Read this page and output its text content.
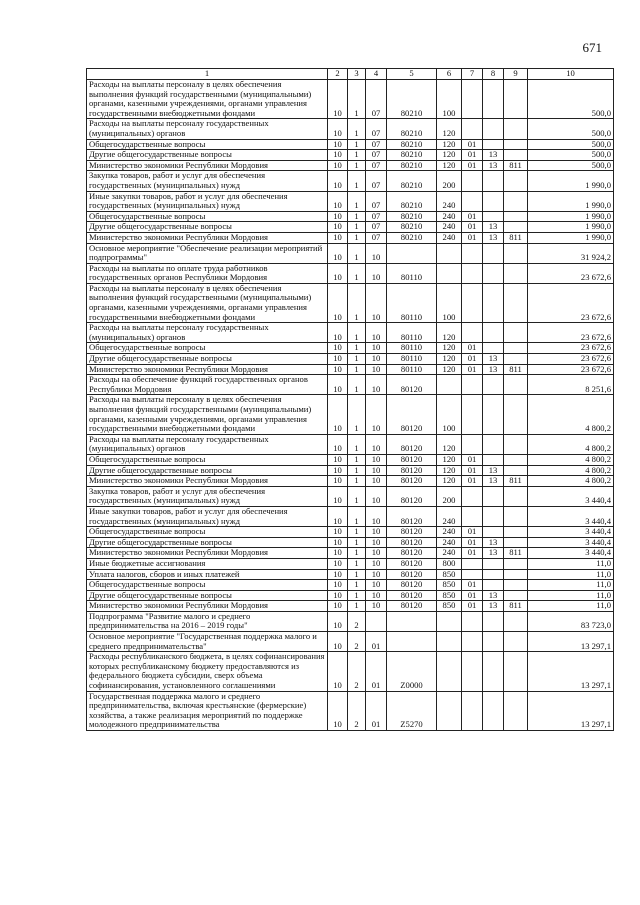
671
1	2	3	4	5	6	7	8	9	10
Расходы на выплаты персоналу в целях обеспечения выполнения функций государственными (муниципальными) органами, казенными учреждениями, органами управления государственными внебюджетными фондами	10	1	07	80210	100				500,0
Расходы на выплаты персоналу государственных (муниципальных) органов	10	1	07	80210	120				500,0
Общегосударственные вопросы	10	1	07	80210	120	01			500,0
Другие общегосударственные вопросы	10	1	07	80210	120	01	13		500,0
Министерство экономики Республики Мордовия	10	1	07	80210	120	01	13	811	500,0
Закупка товаров, работ и услуг для обеспечения государственных (муниципальных) нужд	10	1	07	80210	200				1 990,0
Иные закупки товаров, работ и услуг для обеспечения государственных (муниципальных) нужд	10	1	07	80210	240				1 990,0
Общегосударственные вопросы	10	1	07	80210	240	01			1 990,0
Другие общегосударственные вопросы	10	1	07	80210	240	01	13		1 990,0
Министерство экономики Республики Мордовия	10	1	07	80210	240	01	13	811	1 990,0
Основное мероприятие "Обеспечение реализации мероприятий подпрограммы"	10	1	10						31 924,2
Расходы на выплаты по оплате труда работников государственных органов Республики Мордовия	10	1	10	80110					23 672,6
Расходы на выплаты персоналу в целях обеспечения выполнения функций государственными (муниципальными) органами, казенными учреждениями, органами управления государственными внебюджетными фондами	10	1	10	80110	100				23 672,6
Расходы на выплаты персоналу государственных (муниципальных) органов	10	1	10	80110	120				23 672,6
Общегосударственные вопросы	10	1	10	80110	120	01			23 672,6
Другие общегосударственные вопросы	10	1	10	80110	120	01	13		23 672,6
Министерство экономики Республики Мордовия	10	1	10	80110	120	01	13	811	23 672,6
Расходы на обеспечение функций государственных органов Республики Мордовия	10	1	10	80120					8 251,6
Расходы на выплаты персоналу в целях обеспечения выполнения функций государственными (муниципальными) органами, казенными учреждениями, органами управления государственными внебюджетными фондами	10	1	10	80120	100				4 800,2
Расходы на выплаты персоналу государственных (муниципальных) органов	10	1	10	80120	120				4 800,2
Общегосударственные вопросы	10	1	10	80120	120	01			4 800,2
Другие общегосударственные вопросы	10	1	10	80120	120	01	13		4 800,2
Министерство экономики Республики Мордовия	10	1	10	80120	120	01	13	811	4 800,2
Закупка товаров, работ и услуг для обеспечения государственных (муниципальных) нужд	10	1	10	80120	200				3 440,4
Иные закупки товаров, работ и услуг для обеспечения государственных (муниципальных) нужд	10	1	10	80120	240				3 440,4
Общегосударственные вопросы	10	1	10	80120	240	01			3 440,4
Другие общегосударственные вопросы	10	1	10	80120	240	01	13		3 440,4
Министерство экономики Республики Мордовия	10	1	10	80120	240	01	13	811	3 440,4
Иные бюджетные ассигнования	10	1	10	80120	800				11,0
Уплата налогов, сборов и иных платежей	10	1	10	80120	850				11,0
Общегосударственные вопросы	10	1	10	80120	850	01			11,0
Другие общегосударственные вопросы	10	1	10	80120	850	01	13		11,0
Министерство экономики Республики Мордовия	10	1	10	80120	850	01	13	811	11,0
Подпрограмма "Развитие малого и среднего предпринимательства на 2016 – 2019 годы"	10	2							83 723,0
Основное мероприятие "Государственная поддержка малого и среднего предпринимательства"	10	2	01						13 297,1
Расходы республиканского бюджета, в целях софинансирования которых республиканскому бюджету предоставляются из федерального бюджета субсидии, сверх объема софинансирования, установленного соглашениями	10	2	01	Z0000					13 297,1
Государственная поддержка малого и среднего предпринимательства, включая крестьянские (фермерские) хозяйства, а также реализация мероприятий по поддержке молодежного предпринимательства	10	2	01	Z5270					13 297,1
